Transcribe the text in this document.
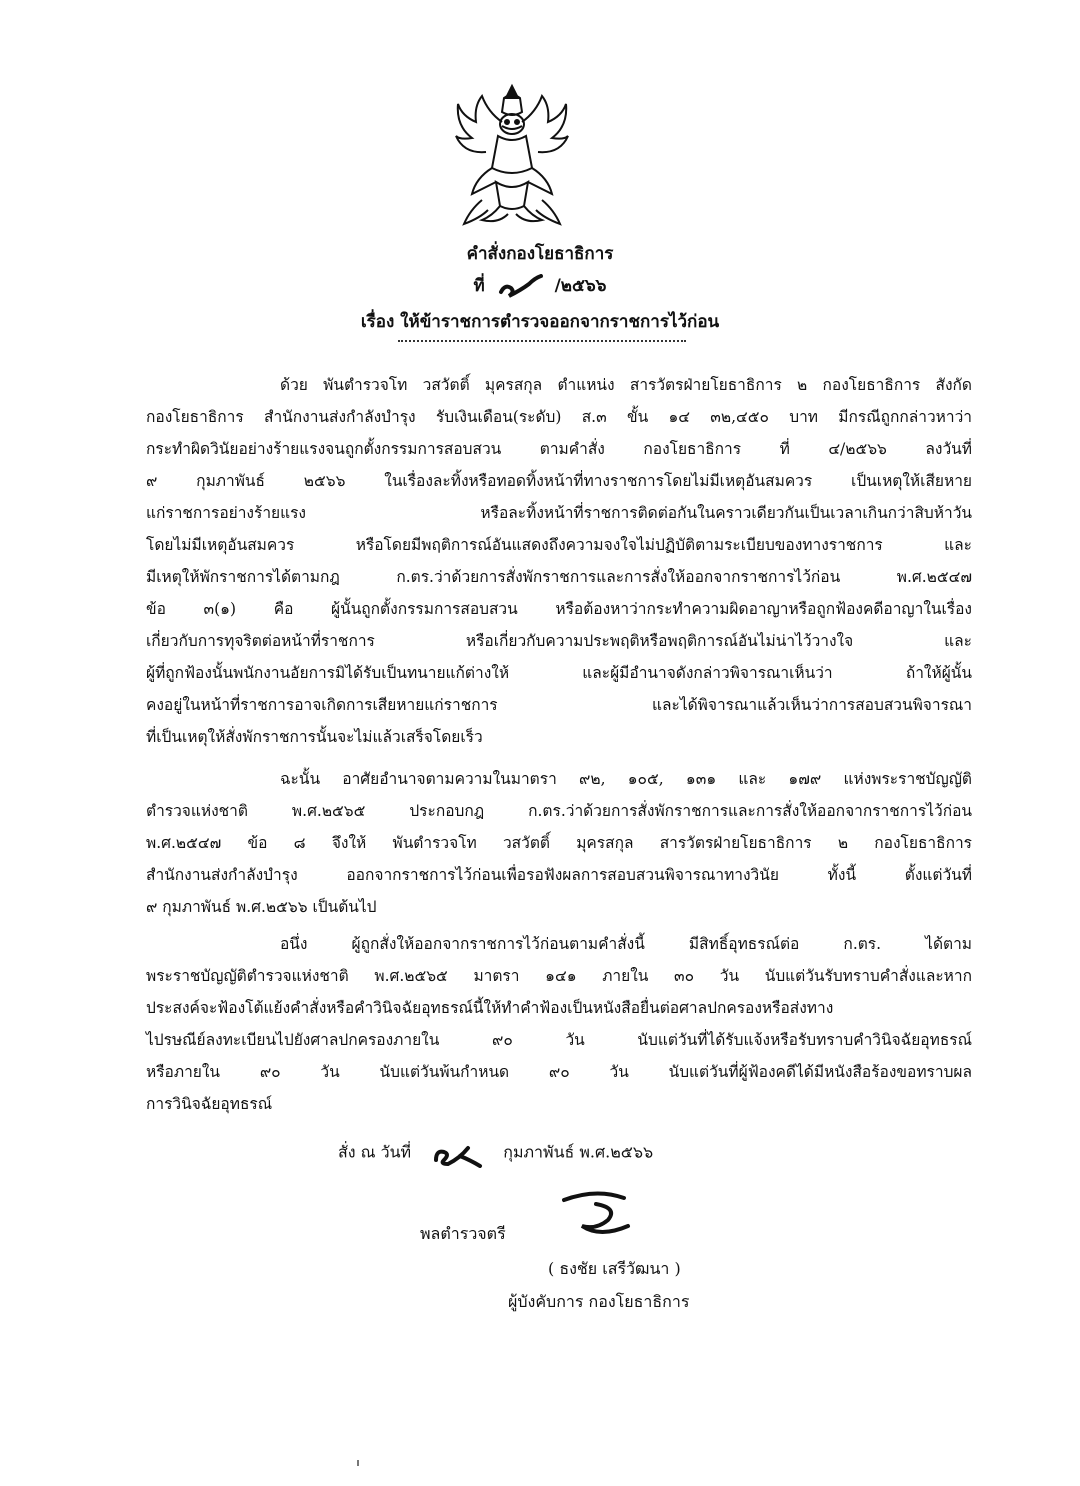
คำสั่งกองโยธาธิการ
ที่	/๒๕๖๖
เรื่อง ให้ข้าราชการตำรวจออกจากราชการไว้ก่อน
ด้วย พันตำรวจโท วสวัตติ์ มุครสกุล ตำแหน่ง สารวัตรฝ่ายโยธาธิการ ๒ กองโยธาธิการ สังกัด
กองโยธาธิการ สำนักงานส่งกำลังบำรุง รับเงินเดือน(ระดับ) ส.๓ ขั้น ๑๔ ๓๒,๔๕๐ บาท มีกรณีถูกกล่าวหาว่า
กระทำผิดวินัยอย่างร้ายแรงจนถูกตั้งกรรมการสอบสวน ตามคำสั่ง กองโยธาธิการ ที่ ๔/๒๕๖๖ ลงวันที่
๙ กุมภาพันธ์ ๒๕๖๖ ในเรื่องละทิ้งหรือทอดทิ้งหน้าที่ทางราชการโดยไม่มีเหตุอันสมควร เป็นเหตุให้เสียหาย
แก่ราชการอย่างร้ายแรง หรือละทิ้งหน้าที่ราชการติดต่อกันในคราวเดียวกันเป็นเวลาเกินกว่าสิบห้าวัน
โดยไม่มีเหตุอันสมควร หรือโดยมีพฤติการณ์อันแสดงถึงความจงใจไม่ปฏิบัติตามระเบียบของทางราชการ และ
มีเหตุให้พักราชการได้ตามกฎ ก.ตร.ว่าด้วยการสั่งพักราชการและการสั่งให้ออกจากราชการไว้ก่อน พ.ศ.๒๕๔๗
ข้อ ๓(๑) คือ ผู้นั้นถูกตั้งกรรมการสอบสวน หรือต้องหาว่ากระทำความผิดอาญาหรือถูกฟ้องคดีอาญาในเรื่อง
เกี่ยวกับการทุจริตต่อหน้าที่ราชการ หรือเกี่ยวกับความประพฤติหรือพฤติการณ์อันไม่น่าไว้วางใจ และ
ผู้ที่ถูกฟ้องนั้นพนักงานอัยการมิได้รับเป็นทนายแก้ต่างให้ และผู้มีอำนาจดังกล่าวพิจารณาเห็นว่า ถ้าให้ผู้นั้น
คงอยู่ในหน้าที่ราชการอาจเกิดการเสียหายแก่ราชการ และได้พิจารณาแล้วเห็นว่าการสอบสวนพิจารณา
ที่เป็นเหตุให้สั่งพักราชการนั้นจะไม่แล้วเสร็จโดยเร็ว
ฉะนั้น อาศัยอำนาจตามความในมาตรา ๙๒, ๑๐๕, ๑๓๑ และ ๑๗๙ แห่งพระราชบัญญัติ
ตำรวจแห่งชาติ พ.ศ.๒๕๖๕ ประกอบกฎ ก.ตร.ว่าด้วยการสั่งพักราชการและการสั่งให้ออกจากราชการไว้ก่อน
พ.ศ.๒๕๔๗ ข้อ ๘ จึงให้ พันตำรวจโท วสวัตติ์ มุครสกุล สารวัตรฝ่ายโยธาธิการ ๒ กองโยธาธิการ
สำนักงานส่งกำลังบำรุง ออกจากราชการไว้ก่อนเพื่อรอฟังผลการสอบสวนพิจารณาทางวินัย ทั้งนี้ ตั้งแต่วันที่
๙ กุมภาพันธ์ พ.ศ.๒๕๖๖ เป็นต้นไป
อนึ่ง ผู้ถูกสั่งให้ออกจากราชการไว้ก่อนตามคำสั่งนี้ มีสิทธิ์อุทธรณ์ต่อ ก.ตร. ได้ตาม
พระราชบัญญัติตำรวจแห่งชาติ พ.ศ.๒๕๖๕ มาตรา ๑๔๑ ภายใน ๓๐ วัน นับแต่วันรับทราบคำสั่งและหาก
ประสงค์จะฟ้องโต้แย้งคำสั่งหรือคำวินิจฉัยอุทธรณ์นี้ให้ทำคำฟ้องเป็นหนังสือยื่นต่อศาลปกครองหรือส่งทาง
ไปรษณีย์ลงทะเบียนไปยังศาลปกครองภายใน ๙๐ วัน นับแต่วันที่ได้รับแจ้งหรือรับทราบคำวินิจฉัยอุทธรณ์
หรือภายใน ๙๐ วัน นับแต่วันพ้นกำหนด ๙๐ วัน นับแต่วันที่ผู้ฟ้องคดีได้มีหนังสือร้องขอทราบผล
การวินิจฉัยอุทธรณ์
สั่ง ณ วันที่	กุมภาพันธ์ พ.ศ.๒๕๖๖
พลตำรวจตรี
( ธงชัย เสรีวัฒนา )
ผู้บังคับการ กองโยธาธิการ
